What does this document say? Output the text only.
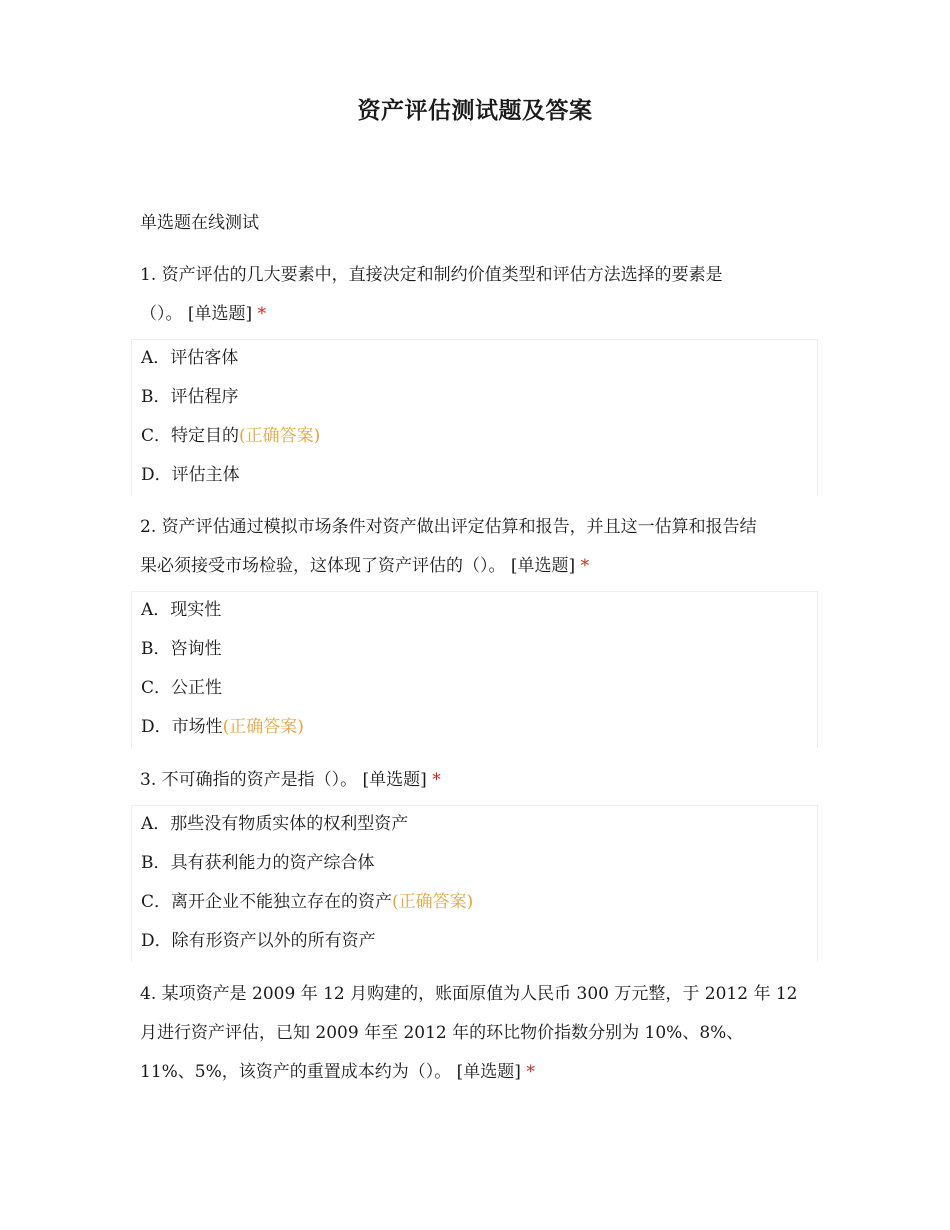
资产评估测试题及答案
单选题在线测试
1. 资产评估的几大要素中，直接决定和制约价值类型和评估方法选择的要素是
（）。 [单选题] *
A．评估客体
B．评估程序
C．特定目的(正确答案)
D．评估主体
2. 资产评估通过模拟市场条件对资产做出评定估算和报告，并且这一估算和报告结
果必须接受市场检验，这体现了资产评估的（）。 [单选题] *
A．现实性
B．咨询性
C．公正性
D．市场性(正确答案)
3. 不可确指的资产是指（）。 [单选题] *
A．那些没有物质实体的权利型资产
B．具有获利能力的资产综合体
C．离开企业不能独立存在的资产(正确答案)
D．除有形资产以外的所有资产
4. 某项资产是 2009 年 12 月购建的，账面原值为人民币 300 万元整，于 2012 年 12
月进行资产评估，已知 2009 年至 2012 年的环比物价指数分别为 10%、8%、
11%、5%，该资产的重置成本约为（）。 [单选题] *
